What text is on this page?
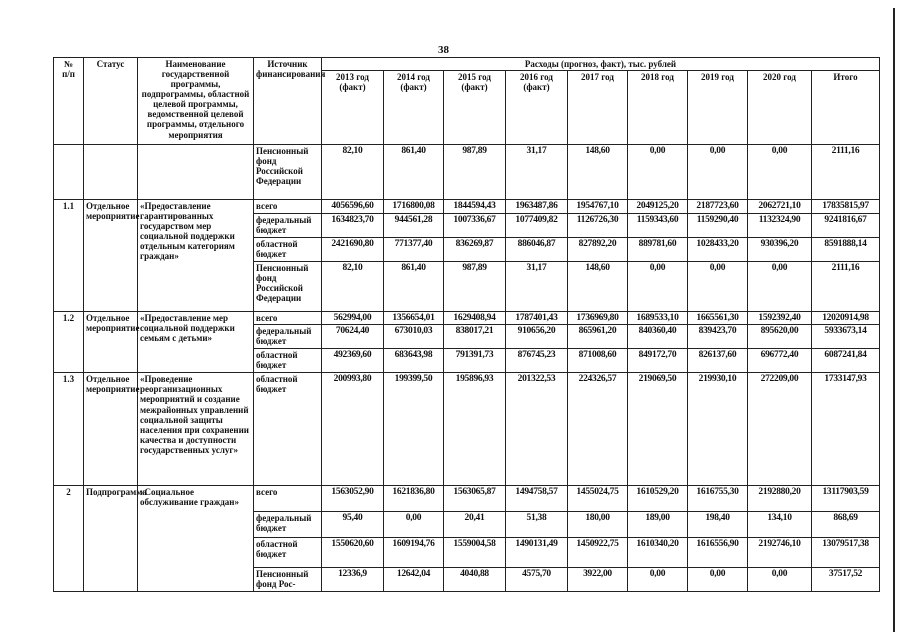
38
№
п/п	Статус	Наименование государственной программы, подпрограммы, областной целевой программы, ведомственной целевой программы, отдельного мероприятия	Источник финансирования	Расходы (прогноз, факт), тыс. рублей								
				2013 год (факт)	2014 год (факт)	2015 год (факт)	2016 год (факт)	2017 год	2018 год	2019 год	2020 год	Итого
			Пенсионный фонд Российской Федерации	82,10	861,40	987,89	31,17	148,60	0,00	0,00	0,00	2111,16
1.1	Отдельное мероприятие	«Предоставление гарантированных государством мер социальной поддержки отдельным категориям граждан»	всего	4056596,60	1716800,08	1844594,43	1963487,86	1954767,10	2049125,20	2187723,60	2062721,10	17835815,97
			федеральный бюджет	1634823,70	944561,28	1007336,67	1077409,82	1126726,30	1159343,60	1159290,40	1132324,90	9241816,67
			областной бюджет	2421690,80	771377,40	836269,87	886046,87	827892,20	889781,60	1028433,20	930396,20	8591888,14
			Пенсионный фонд Российской Федерации	82,10	861,40	987,89	31,17	148,60	0,00	0,00	0,00	2111,16
1.2	Отдельное мероприятие	«Предоставление мер социальной поддержки семьям с детьми»	всего	562994,00	1356654,01	1629408,94	1787401,43	1736969,80	1689533,10	1665561,30	1592392,40	12020914,98
			федеральный бюджет	70624,40	673010,03	838017,21	910656,20	865961,20	840360,40	839423,70	895620,00	5933673,14
			областной бюджет	492369,60	683643,98	791391,73	876745,23	871008,60	849172,70	826137,60	696772,40	6087241,84
1.3	Отдельное мероприятие	«Проведение реорганизационных мероприятий и создание межрайонных управлений социальной защиты населения при сохранении качества и доступности государственных услуг»	областной бюджет	200993,80	199399,50	195896,93	201322,53	224326,57	219069,50	219930,10	272209,00	1733147,93
2	Подпрограмма	«Социальное обслуживание граждан»	всего	1563052,90	1621836,80	1563065,87	1494758,57	1455024,75	1610529,20	1616755,30	2192880,20	13117903,59
			федеральный бюджет	95,40	0,00	20,41	51,38	180,00	189,00	198,40	134,10	868,69
			областной бюджет	1550620,60	1609194,76	1559004,58	1490131,49	1450922,75	1610340,20	1616556,90	2192746,10	13079517,38
			Пенсионный фонд Рос-	12336,9	12642,04	4040,88	4575,70	3922,00	0,00	0,00	0,00	37517,52
